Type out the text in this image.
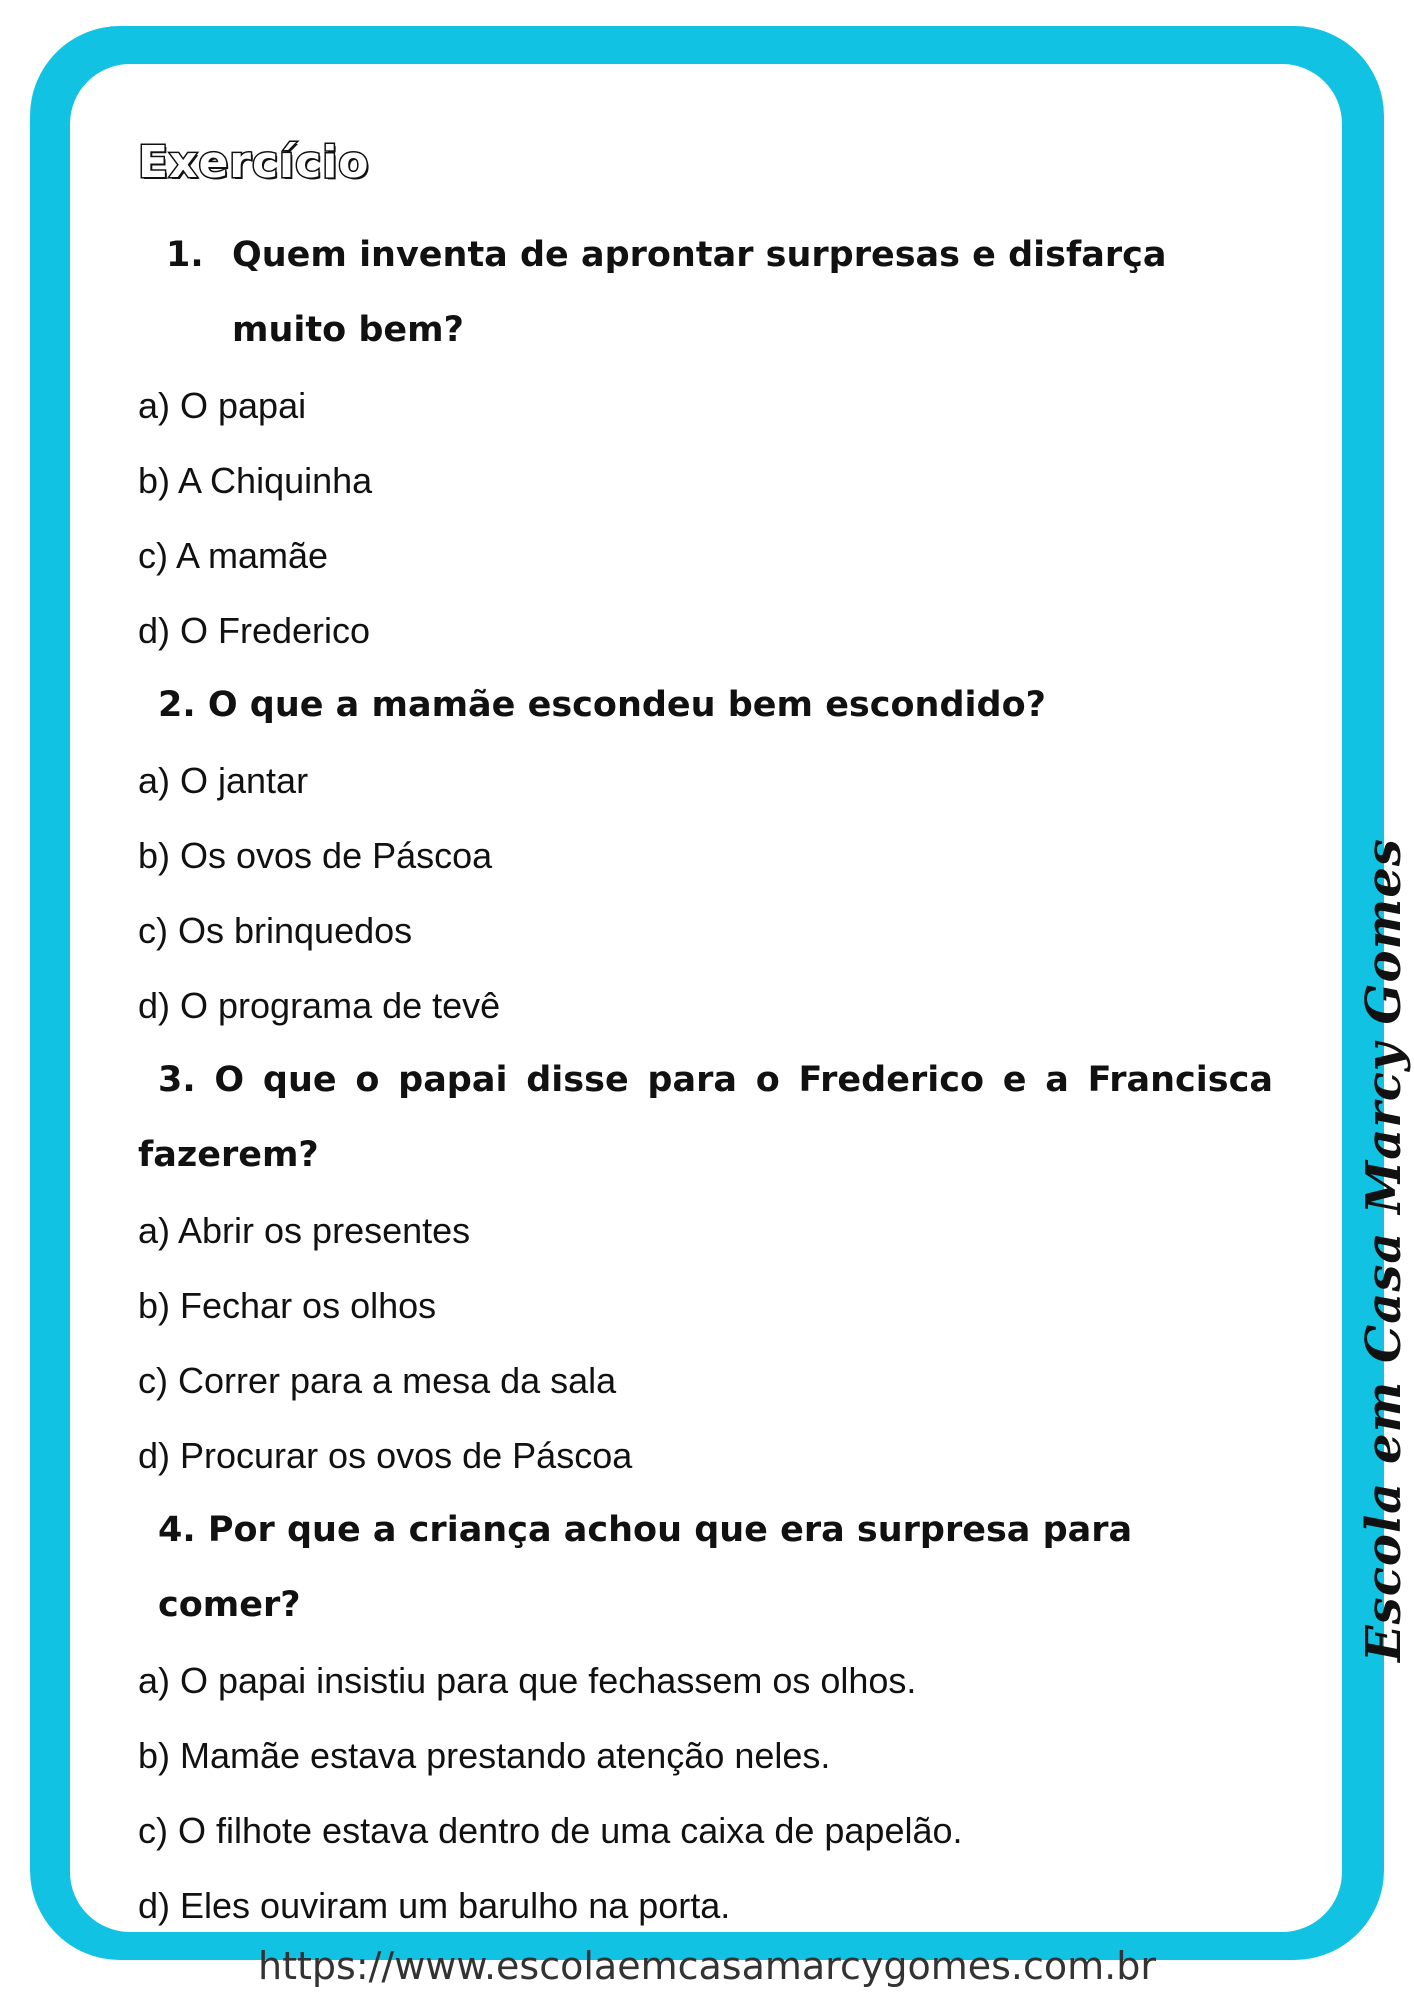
Exercício
1. Quem inventa de aprontar surpresas e disfarça muito bem?

a) O papai

b) A Chiquinha

c) A mamãe

d) O Frederico

2. O que a mamãe escondeu bem escondido?

a) O jantar

b) Os ovos de Páscoa

c) Os brinquedos

d) O programa de tevê

3. O que o papai disse para o Frederico e a Francisca
fazerem?

a) Abrir os presentes

b) Fechar os olhos

c) Correr para a mesa da sala

d) Procurar os ovos de Páscoa

4. Por que a criança achou que era surpresa para comer?

a) O papai insistiu para que fechassem os olhos.

b) Mamãe estava prestando atenção neles.

c) O filhote estava dentro de uma caixa de papelão.

d) Eles ouviram um barulho na porta.

Escola em Casa Marcy Gomes
https://www.escolaemcasamarcygomes.com.br
